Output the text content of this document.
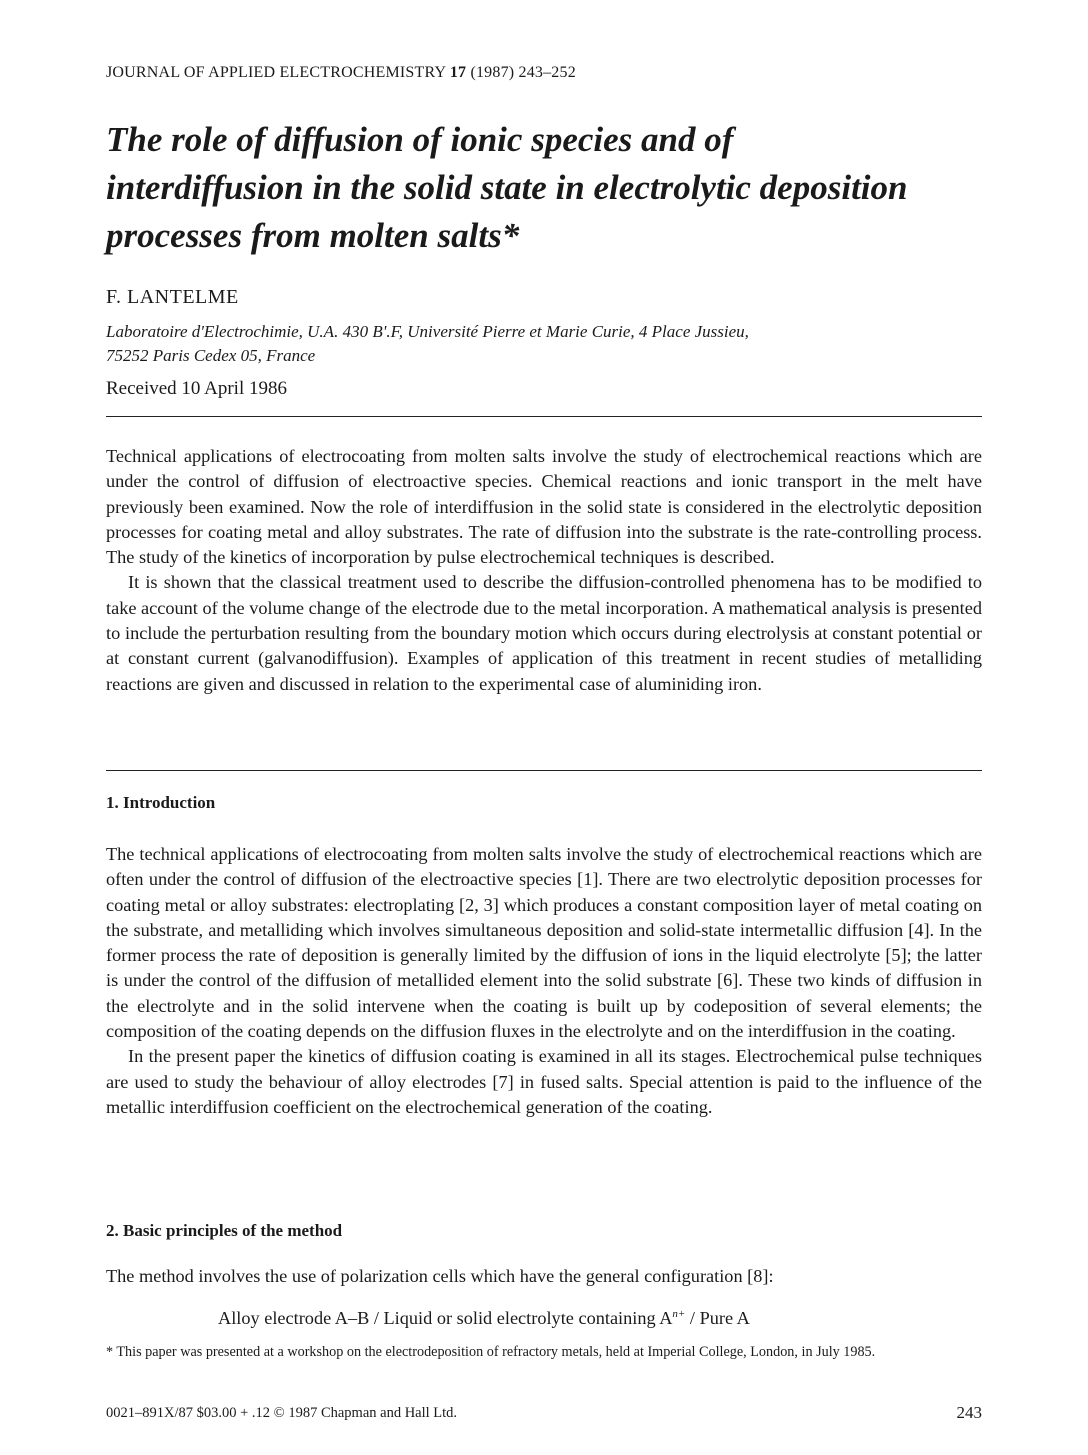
JOURNAL OF APPLIED ELECTROCHEMISTRY 17 (1987) 243–252
The role of diffusion of ionic species and of
interdiffusion in the solid state in electrolytic deposition
processes from molten salts*
F. LANTELME
Laboratoire d'Electrochimie, U.A. 430 B'.F, Université Pierre et Marie Curie, 4 Place Jussieu,
75252 Paris Cedex 05, France
Received 10 April 1986

Technical applications of electrocoating from molten salts involve the study of electrochemical reactions which are under the control of diffusion of electroactive species. Chemical reactions and ionic transport in the melt have previously been examined. Now the role of interdiffusion in the solid state is considered in the electrolytic deposition processes for coating metal and alloy substrates. The rate of diffusion into the substrate is the rate-controlling process. The study of the kinetics of incorporation by pulse electrochemical techniques is described.

It is shown that the classical treatment used to describe the diffusion-controlled phenomena has to be modified to take account of the volume change of the electrode due to the metal incorporation. A mathematical analysis is presented to include the perturbation resulting from the boundary motion which occurs during electrolysis at constant potential or at constant current (galvanodiffusion). Examples of application of this treatment in recent studies of metalliding reactions are given and discussed in relation to the experimental case of aluminiding iron.

1. Introduction

The technical applications of electrocoating from molten salts involve the study of electrochemical reactions which are often under the control of diffusion of the electroactive species [1]. There are two electrolytic deposition processes for coating metal or alloy substrates: electroplating [2, 3] which produces a constant composition layer of metal coating on the substrate, and metalliding which involves simultaneous deposition and solid-state intermetallic diffusion [4]. In the former process the rate of deposition is generally limited by the diffusion of ions in the liquid electrolyte [5]; the latter is under the control of the diffusion of metallided element into the solid substrate [6]. These two kinds of diffusion in the electrolyte and in the solid intervene when the coating is built up by codeposition of several elements; the composition of the coating depends on the diffusion fluxes in the electrolyte and on the interdiffusion in the coating.

In the present paper the kinetics of diffusion coating is examined in all its stages. Electrochemical pulse techniques are used to study the behaviour of alloy electrodes [7] in fused salts. Special attention is paid to the influence of the metallic interdiffusion coefficient on the electrochemical generation of the coating.

2. Basic principles of the method

The method involves the use of polarization cells which have the general configuration [8]:

Alloy electrode A–B / Liquid or solid electrolyte containing $A^{n+}$ / Pure A
* This paper was presented at a workshop on the electrodeposition of refractory metals, held at Imperial College, London, in July 1985.
0021–891X/87 $03.00 + .12 © 1987 Chapman and Hall Ltd.	243
